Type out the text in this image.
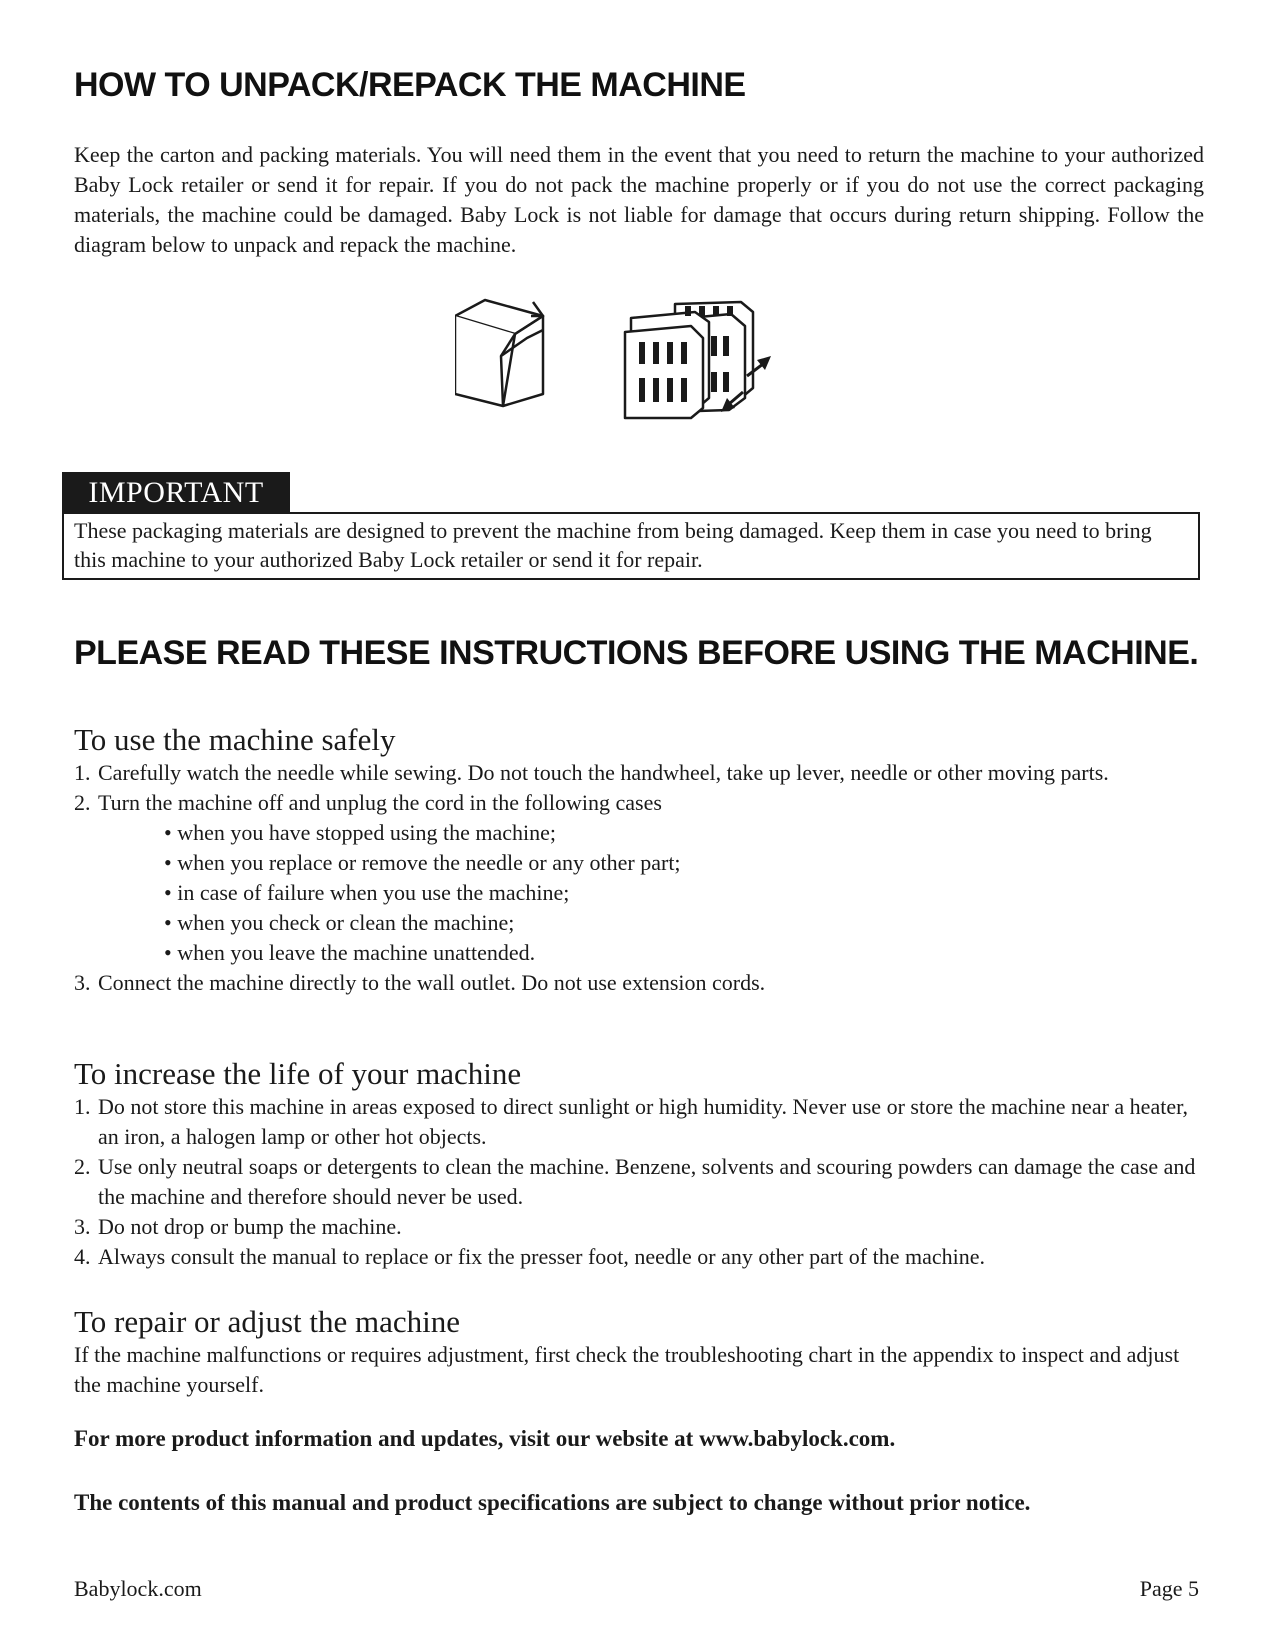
HOW TO UNPACK/REPACK THE MACHINE

Keep the carton and packing materials. You will need them in the event that you need to return the machine to your authorized Baby Lock retailer or send it for repair. If you do not pack the machine properly or if you do not use the correct packaging materials, the machine could be damaged. Baby Lock is not liable for damage that occurs during return shipping. Follow the diagram below to unpack and repack the machine.

IMPORTANT
These packaging materials are designed to prevent the machine from being damaged. Keep them in case you need to bring this machine to your authorized Baby Lock retailer or send it for repair.
PLEASE READ THESE INSTRUCTIONS BEFORE USING THE MACHINE.
To use the machine safely
1. Carefully watch the needle while sewing. Do not touch the handwheel, take up lever, needle or other moving parts.
2. Turn the machine off and unplug the cord in the following cases
• when you have stopped using the machine;
• when you replace or remove the needle or any other part;
• in case of failure when you use the machine;
• when you check or clean the machine;
• when you leave the machine unattended.
3. Connect the machine directly to the wall outlet. Do not use extension cords.
To increase the life of your machine
1. Do not store this machine in areas exposed to direct sunlight or high humidity. Never use or store the machine near a heater, an iron, a halogen lamp or other hot objects.
2. Use only neutral soaps or detergents to clean the machine. Benzene, solvents and scouring powders can damage the case and the machine and therefore should never be used.
3. Do not drop or bump the machine.
4. Always consult the manual to replace or fix the presser foot, needle or any other part of the machine.
To repair or adjust the machine

If the machine malfunctions or requires adjustment, first check the troubleshooting chart in the appendix to inspect and adjust the machine yourself.

For more product information and updates, visit our website at www.babylock.com.

The contents of this manual and product specifications are subject to change without prior notice.

Babylock.com	Page 5
